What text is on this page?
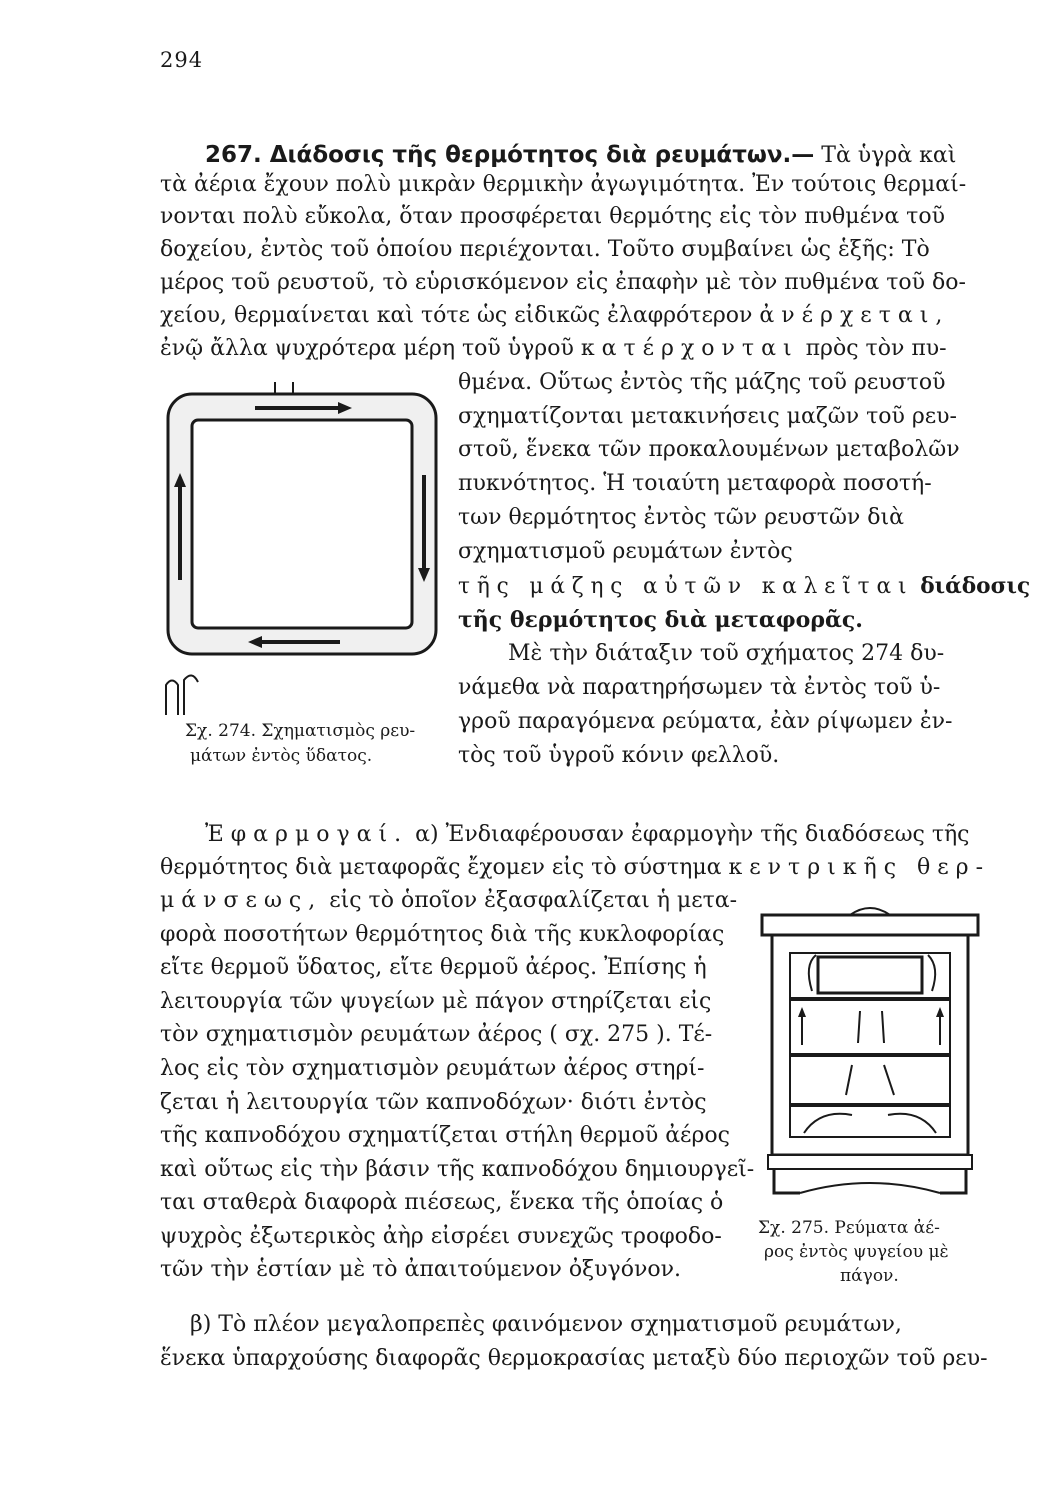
294
267. Διάδοσις τῆς θερμότητος διὰ ρευμάτων.— Τὰ ὑγρὰ καὶ
τὰ ἀέρια ἔχουν πολὺ μικρὰν θερμικὴν ἀγωγιμότητα. Ἐν τούτοις θερμαί-
νονται πολὺ εὔκολα, ὅταν προσφέρεται θερμότης εἰς τὸν πυθμένα τοῦ
δοχείου, ἐντὸς τοῦ ὁποίου περιέχονται. Τοῦτο συμβαίνει ὡς ἑξῆς: Τὸ
μέρος τοῦ ρευστοῦ, τὸ εὑρισκόμενον εἰς ἐπαφὴν μὲ τὸν πυθμένα τοῦ δο-
χείου, θερμαίνεται καὶ τότε ὡς εἰδικῶς ἐλαφρότερον ἀνέρχεται,
ἐνῷ ἄλλα ψυχρότερα μέρη τοῦ ὑγροῦ κατέρχονται πρὸς τὸν πυ-
θμένα. Οὕτως ἐντὸς τῆς μάζης τοῦ ρευστοῦ
σχηματίζονται μετακινήσεις μαζῶν τοῦ ρευ-
στοῦ, ἕνεκα τῶν προκαλουμένων μεταβολῶν
πυκνότητος. Ἡ τοιαύτη μεταφορὰ ποσοτή-
των θερμότητος ἐντὸς τῶν ρευστῶν διὰ
σχηματισμοῦ ρευμάτων ἐντὸς
τῆς μάζης αὐτῶν καλεῖται διάδοσις
τῆς θερμότητος διὰ μεταφορᾶς.
Μὲ τὴν διάταξιν τοῦ σχήματος 274 δυ-
νάμεθα νὰ παρατηρήσωμεν τὰ ἐντὸς τοῦ ὑ-
γροῦ παραγόμενα ρεύματα, ἐὰν ρίψωμεν ἐν-
τὸς τοῦ ὑγροῦ κόνιν φελλοῦ.
Σχ. 274. Σχηματισμὸς ρευ-
μάτων ἐντὸς ὕδατος.
Ἐφαρμογαί. α) Ἐνδιαφέρουσαν ἐφαρμογὴν τῆς διαδόσεως τῆς
θερμότητος διὰ μεταφορᾶς ἔχομεν εἰς τὸ σύστημα κεντρικῆς θερ-
μάνσεως, εἰς τὸ ὁποῖον ἐξασφαλίζεται ἡ μετα-
φορὰ ποσοτήτων θερμότητος διὰ τῆς κυκλοφορίας
εἴτε θερμοῦ ὕδατος, εἴτε θερμοῦ ἀέρος. Ἐπίσης ἡ
λειτουργία τῶν ψυγείων μὲ πάγον στηρίζεται εἰς
τὸν σχηματισμὸν ρευμάτων ἀέρος ( σχ. 275 ). Τέ-
λος εἰς τὸν σχηματισμὸν ρευμάτων ἀέρος στηρί-
ζεται ἡ λειτουργία τῶν καπνοδόχων· διότι ἐντὸς
τῆς καπνοδόχου σχηματίζεται στήλη θερμοῦ ἀέρος
καὶ οὕτως εἰς τὴν βάσιν τῆς καπνοδόχου δημιουργεῖ-
ται σταθερὰ διαφορὰ πιέσεως, ἕνεκα τῆς ὁποίας ὁ
ψυχρὸς ἐξωτερικὸς ἀὴρ εἰσρέει συνεχῶς τροφοδο-
τῶν τὴν ἑστίαν μὲ τὸ ἀπαιτούμενον ὀξυγόνον.
Σχ. 275. Ρεύματα ἀέ-
ρος ἐντὸς ψυγείου μὲ
πάγον.
β) Τὸ πλέον μεγαλοπρεπὲς φαινόμενον σχηματισμοῦ ρευμάτων,
ἕνεκα ὑπαρχούσης διαφορᾶς θερμοκρασίας μεταξὺ δύο περιοχῶν τοῦ ρευ-
